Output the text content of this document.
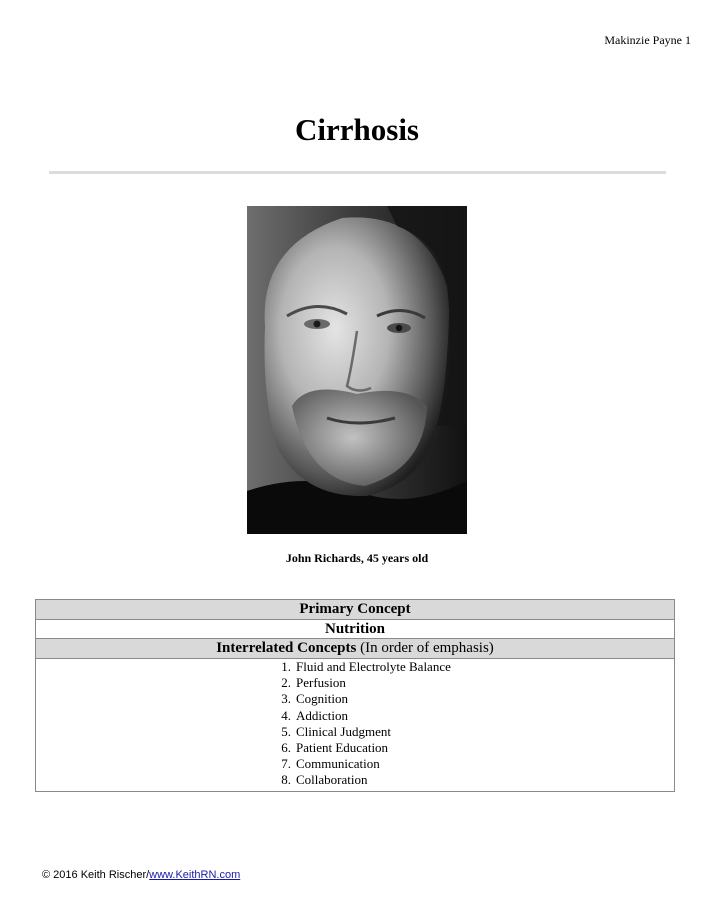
Makinzie Payne 1
Cirrhosis
John Richards, 45 years old
Primary Concept
Nutrition
Interrelated Concepts (In order of emphasis)
1. Fluid and Electrolyte Balance
2. Perfusion
3. Cognition
4. Addiction
5. Clinical Judgment
6. Patient Education
7. Communication
8. Collaboration
© 2016 Keith Rischer/www.KeithRN.com
